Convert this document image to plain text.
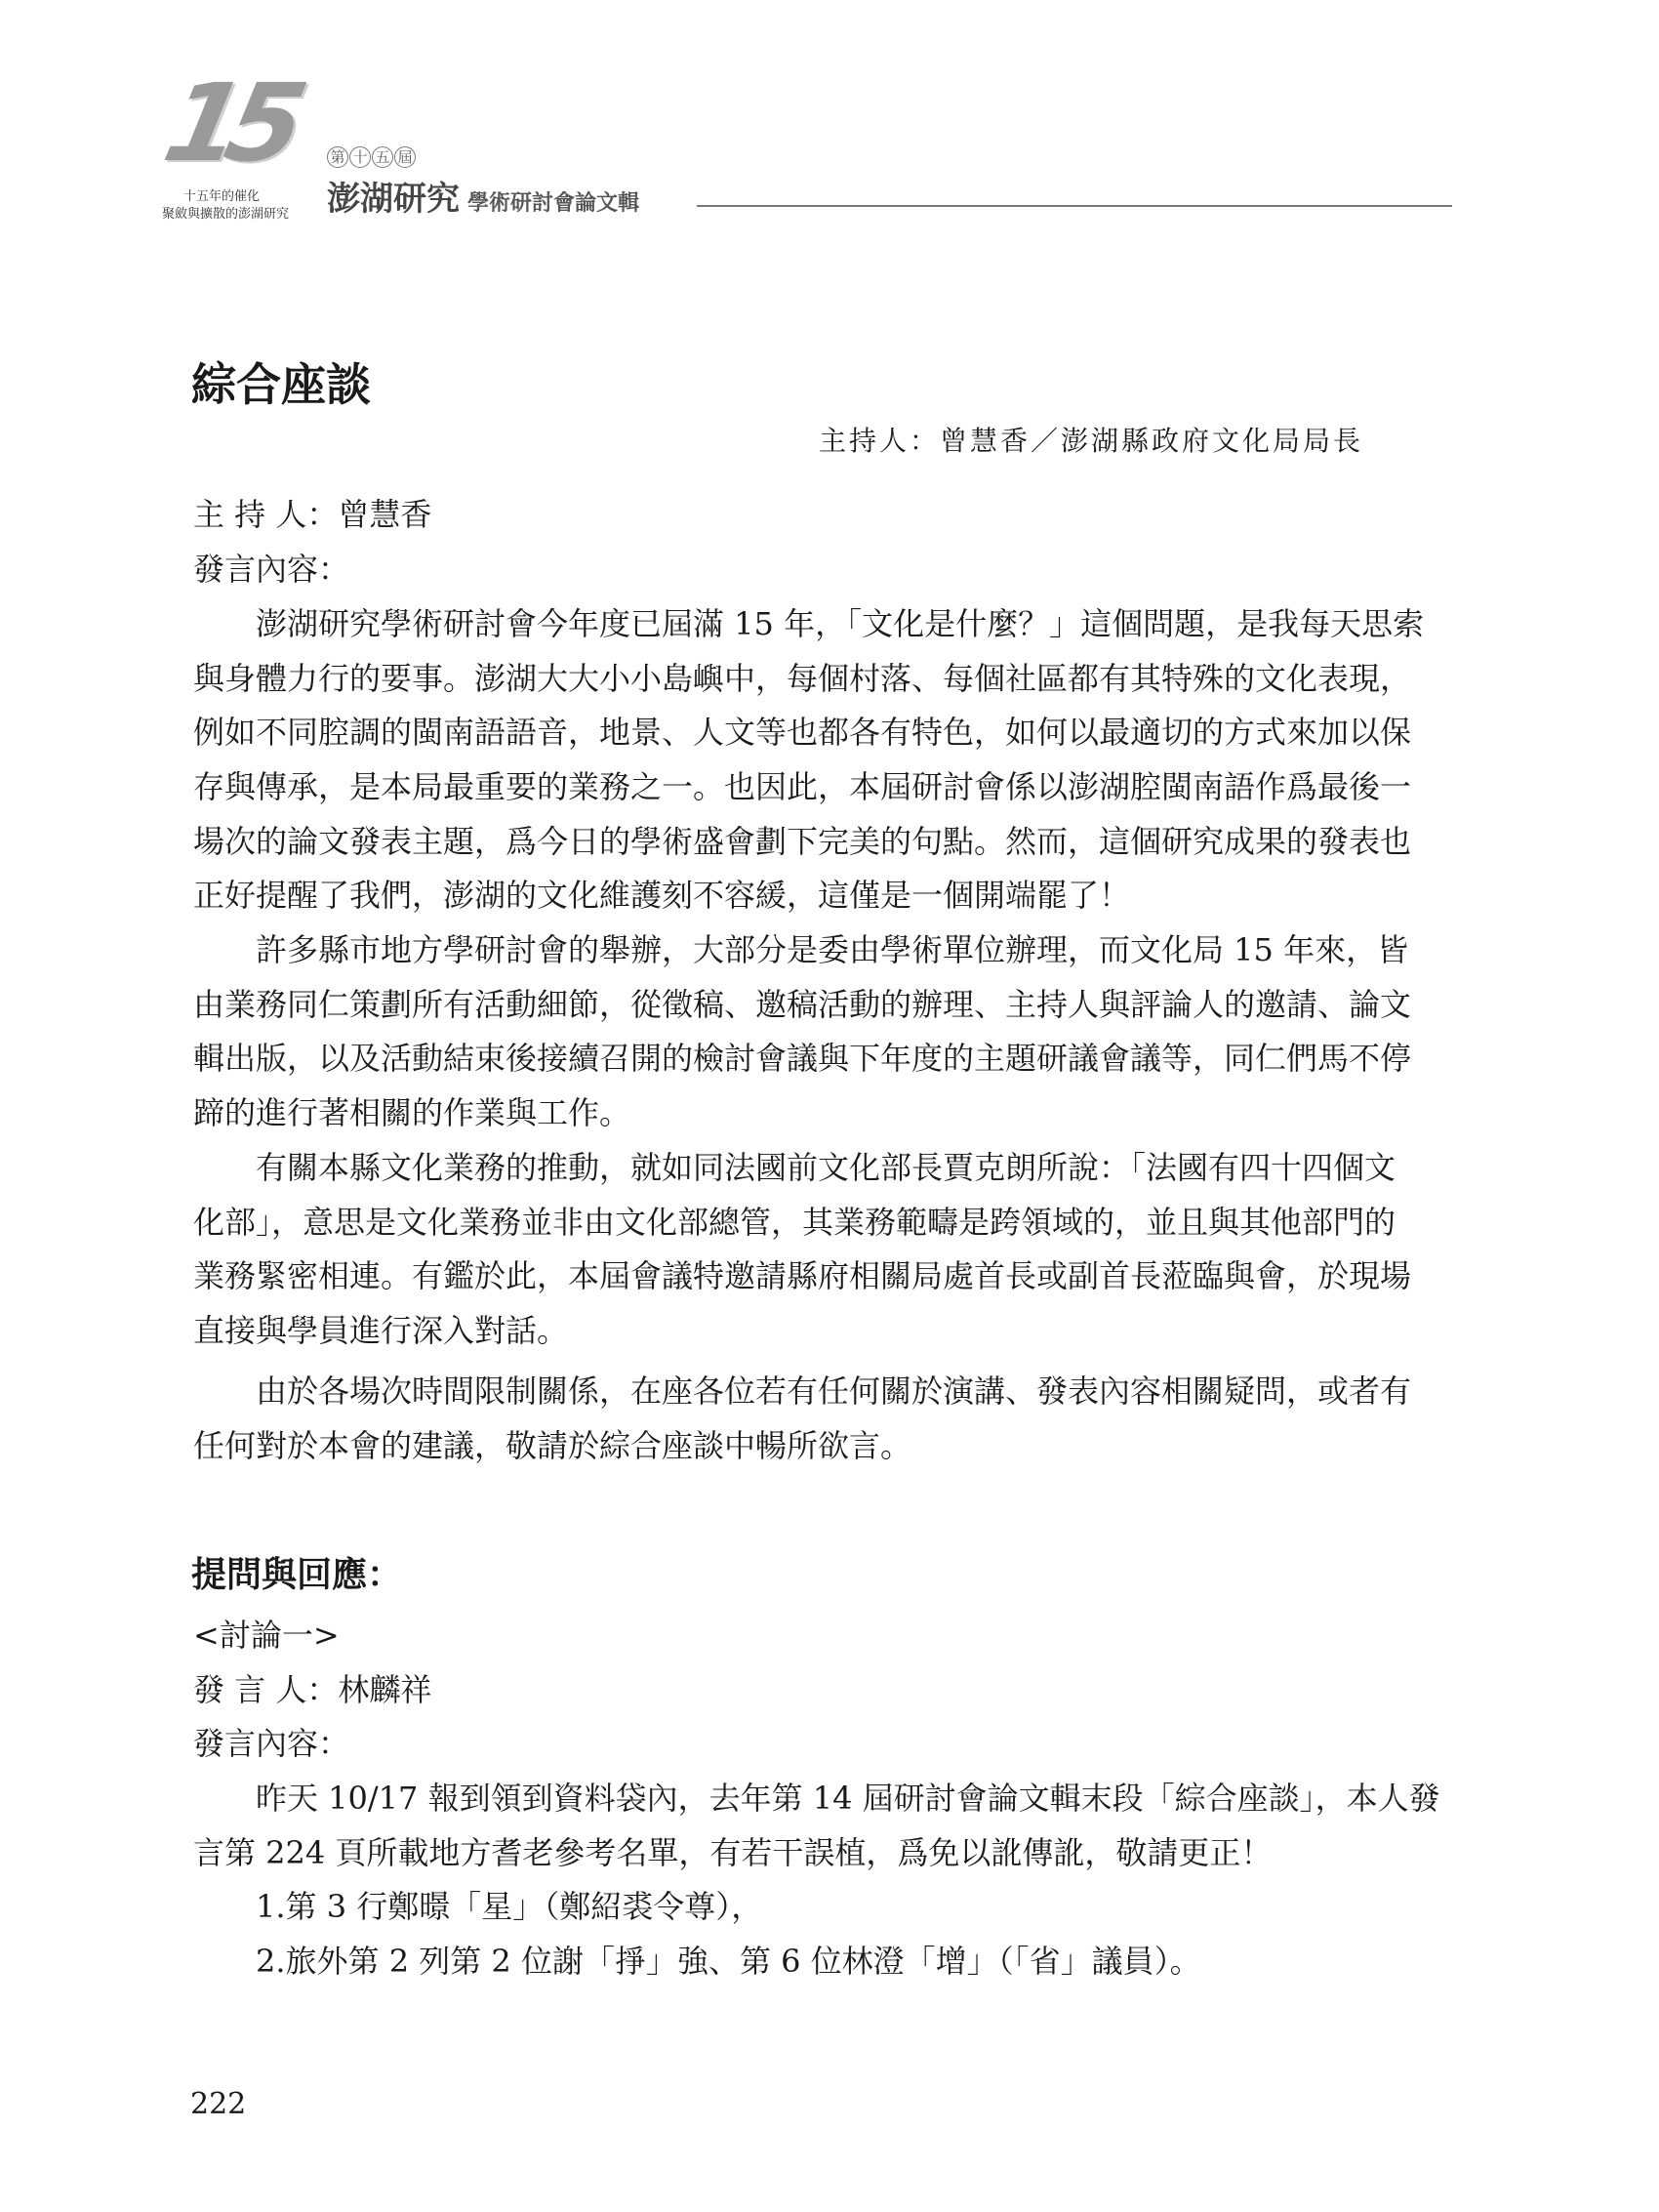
15
十五年的催化
聚斂與擴散的澎湖研究
第 十 五 屆
澎湖研究 學術研討會論文輯
綜合座談
主持人：曾慧香／澎湖縣政府文化局局長
主 持 人：曾慧香
發言內容：
澎湖研究學術研討會今年度已屆滿 15 年，「文化是什麼？」這個問題，是我每天思索
與身體力行的要事。澎湖大大小小島嶼中，每個村落、每個社區都有其特殊的文化表現，
例如不同腔調的閩南語語音，地景、人文等也都各有特色，如何以最適切的方式來加以保
存與傳承，是本局最重要的業務之一。也因此，本屆研討會係以澎湖腔閩南語作爲最後一
場次的論文發表主題，爲今日的學術盛會劃下完美的句點。然而，這個研究成果的發表也
正好提醒了我們，澎湖的文化維護刻不容緩，這僅是一個開端罷了！
許多縣市地方學研討會的舉辦，大部分是委由學術單位辦理，而文化局 15 年來，皆
由業務同仁策劃所有活動細節，從徵稿、邀稿活動的辦理、主持人與評論人的邀請、論文
輯出版，以及活動結束後接續召開的檢討會議與下年度的主題研議會議等，同仁們馬不停
蹄的進行著相關的作業與工作。
有關本縣文化業務的推動，就如同法國前文化部長賈克朗所說：「法國有四十四個文
化部」，意思是文化業務並非由文化部總管，其業務範疇是跨領域的，並且與其他部門的
業務緊密相連。有鑑於此，本屆會議特邀請縣府相關局處首長或副首長蒞臨與會，於現場
直接與學員進行深入對話。
由於各場次時間限制關係，在座各位若有任何關於演講、發表內容相關疑問，或者有
任何對於本會的建議，敬請於綜合座談中暢所欲言。
提問與回應：
<討論一>
發 言 人：林麟祥
發言內容：
昨天 10/17 報到領到資料袋內，去年第 14 屆研討會論文輯末段「綜合座談」，本人發
言第 224 頁所載地方耆老參考名單，有若干誤植，爲免以訛傳訛，敬請更正！
1.第 3 行鄭暻「星」（鄭紹裘令尊），
2.旅外第 2 列第 2 位謝「掙」強、第 6 位林澄「增」（「省」議員）。
222
